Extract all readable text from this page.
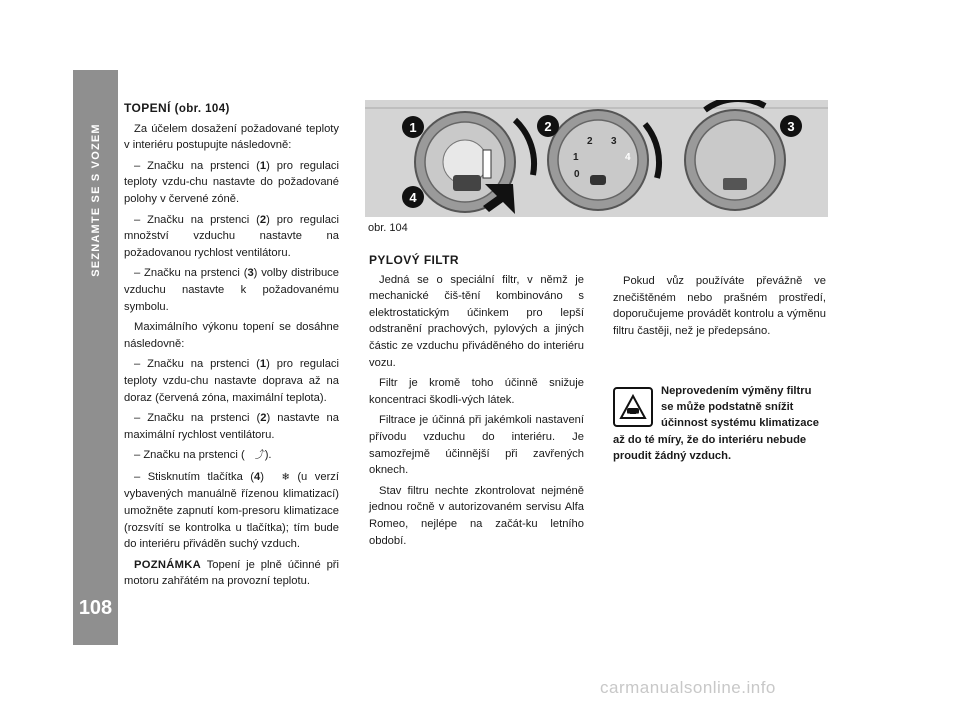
SEZNAMTE SE S VOZEM
108
TOPENÍ (obr. 104)

Za účelem dosažení požadované teploty v interiéru postupujte následovně:

– Značku na prstenci (1) pro regulaci teploty vzdu-chu nastavte do požadované polohy v červené zóně.

– Značku na prstenci (2) pro regulaci množství vzduchu nastavte na požadovanou rychlost ventilátoru.

– Značku na prstenci (3) volby distribuce vzduchu nastavte k požadovanému symbolu.

Maximálního výkonu topení se dosáhne následovně:

– Značku na prstenci (1) pro regulaci teploty vzdu-chu nastavte doprava až na doraz (červená zóna, maximální teplota).

– Značku na prstenci (2) nastavte na maximální rychlost ventilátoru.

– Značku na prstenci ( ⤴).

– Stisknutím tlačítka (4) ❄ (u verzí vybavených manuálně řízenou klimatizací) umožněte zapnutí kom-presoru klimatizace (rozsvítí se kontrolka u tlačítka); tím bude do interiéru přiváděn suchý vzduch.

POZNÁMKA Topení je plně účinné při motoru zahřátém na provozní teplotu.

0
1
2 3
4
1	2	3
4
obr. 104
PYLOVÝ FILTR

Jedná se o speciální filtr, v němž je mechanické čiš-tění kombinováno s elektrostatickým účinkem pro lepší odstranění prachových, pylových a jiných částic ze vzduchu přiváděného do interiéru vozu.

Filtr je kromě toho účinně snižuje koncentraci škodli-vých látek.

Filtrace je účinná při jakémkoli nastavení přívodu vzduchu do interiéru. Je samozřejmě účinnější při zavřených oknech.

Stav filtru nechte zkontrolovat nejméně jednou ročně v autorizovaném servisu Alfa Romeo, nejlépe na začát-ku letního období.

Pokud vůz používáte převážně ve znečištěném nebo prašném prostředí, doporučujeme provádět kontrolu a výměnu filtru častěji, než je předepsáno.

Neprovedením výměny filtru se může podstatně snížit účinnost systému klimatizace až do té míry, že do interiéru nebude proudit žádný vzduch.
carmanualsonline.info
